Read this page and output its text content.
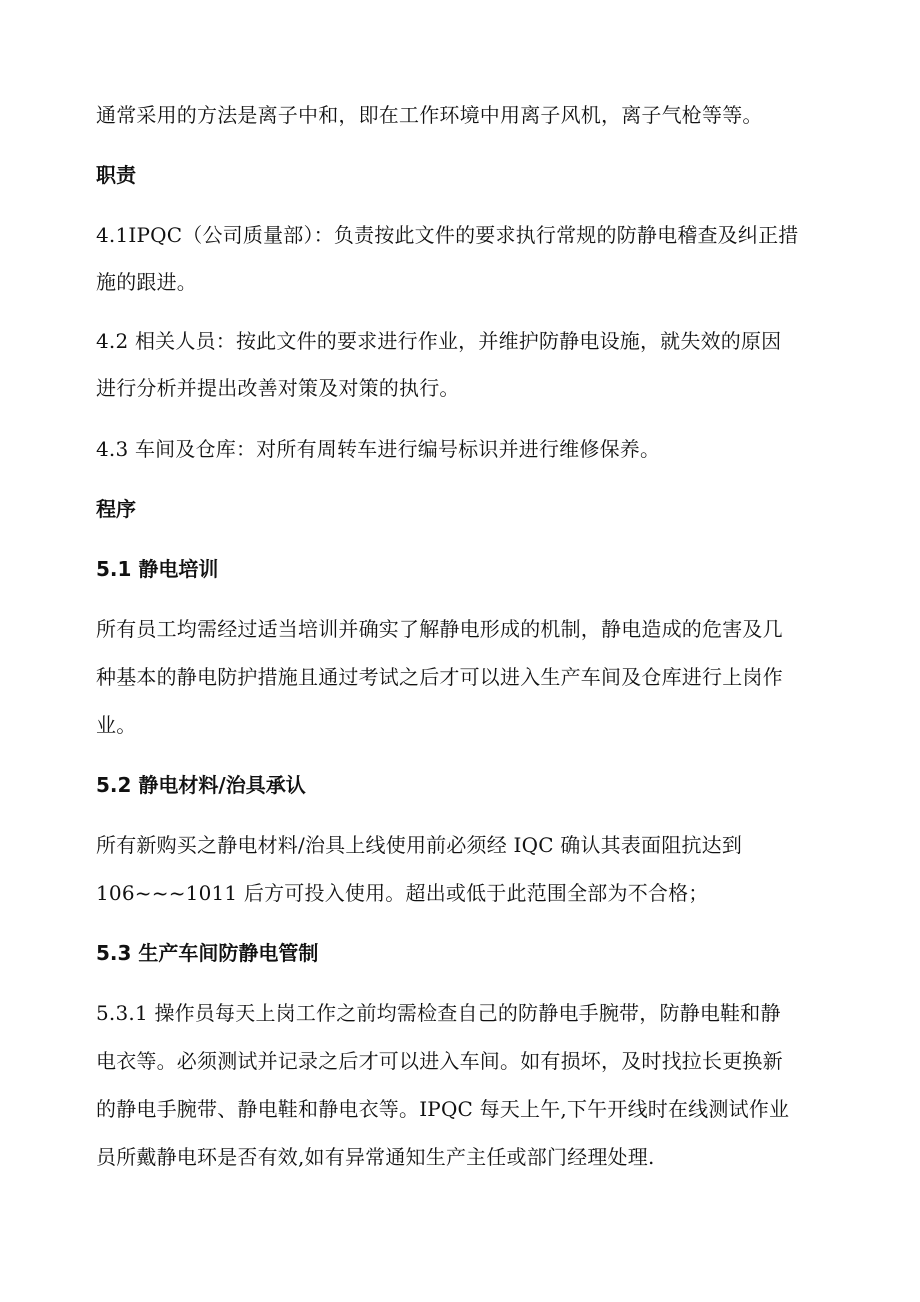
通常采用的方法是离子中和，即在工作环境中用离子风机，离子气枪等等。
职责
4.1IPQC（公司质量部）：负责按此文件的要求执行常规的防静电稽查及纠正措
施的跟进。
4.2 相关人员：按此文件的要求进行作业，并维护防静电设施，就失效的原因
进行分析并提出改善对策及对策的执行。
4.3 车间及仓库：对所有周转车进行编号标识并进行维修保养。
程序
5.1 静电培训
所有员工均需经过适当培训并确实了解静电形成的机制，静电造成的危害及几
种基本的静电防护措施且通过考试之后才可以进入生产车间及仓库进行上岗作
业。
5.2 静电材料/治具承认
所有新购买之静电材料/治具上线使用前必须经 IQC 确认其表面阻抗达到
106~~~1011 后方可投入使用。超出或低于此范围全部为不合格；
5.3 生产车间防静电管制
5.3.1 操作员每天上岗工作之前均需检查自己的防静电手腕带，防静电鞋和静
电衣等。必须测试并记录之后才可以进入车间。如有损坏，及时找拉长更换新
的静电手腕带、静电鞋和静电衣等。IPQC 每天上午,下午开线时在线测试作业
员所戴静电环是否有效,如有异常通知生产主任或部门经理处理.
